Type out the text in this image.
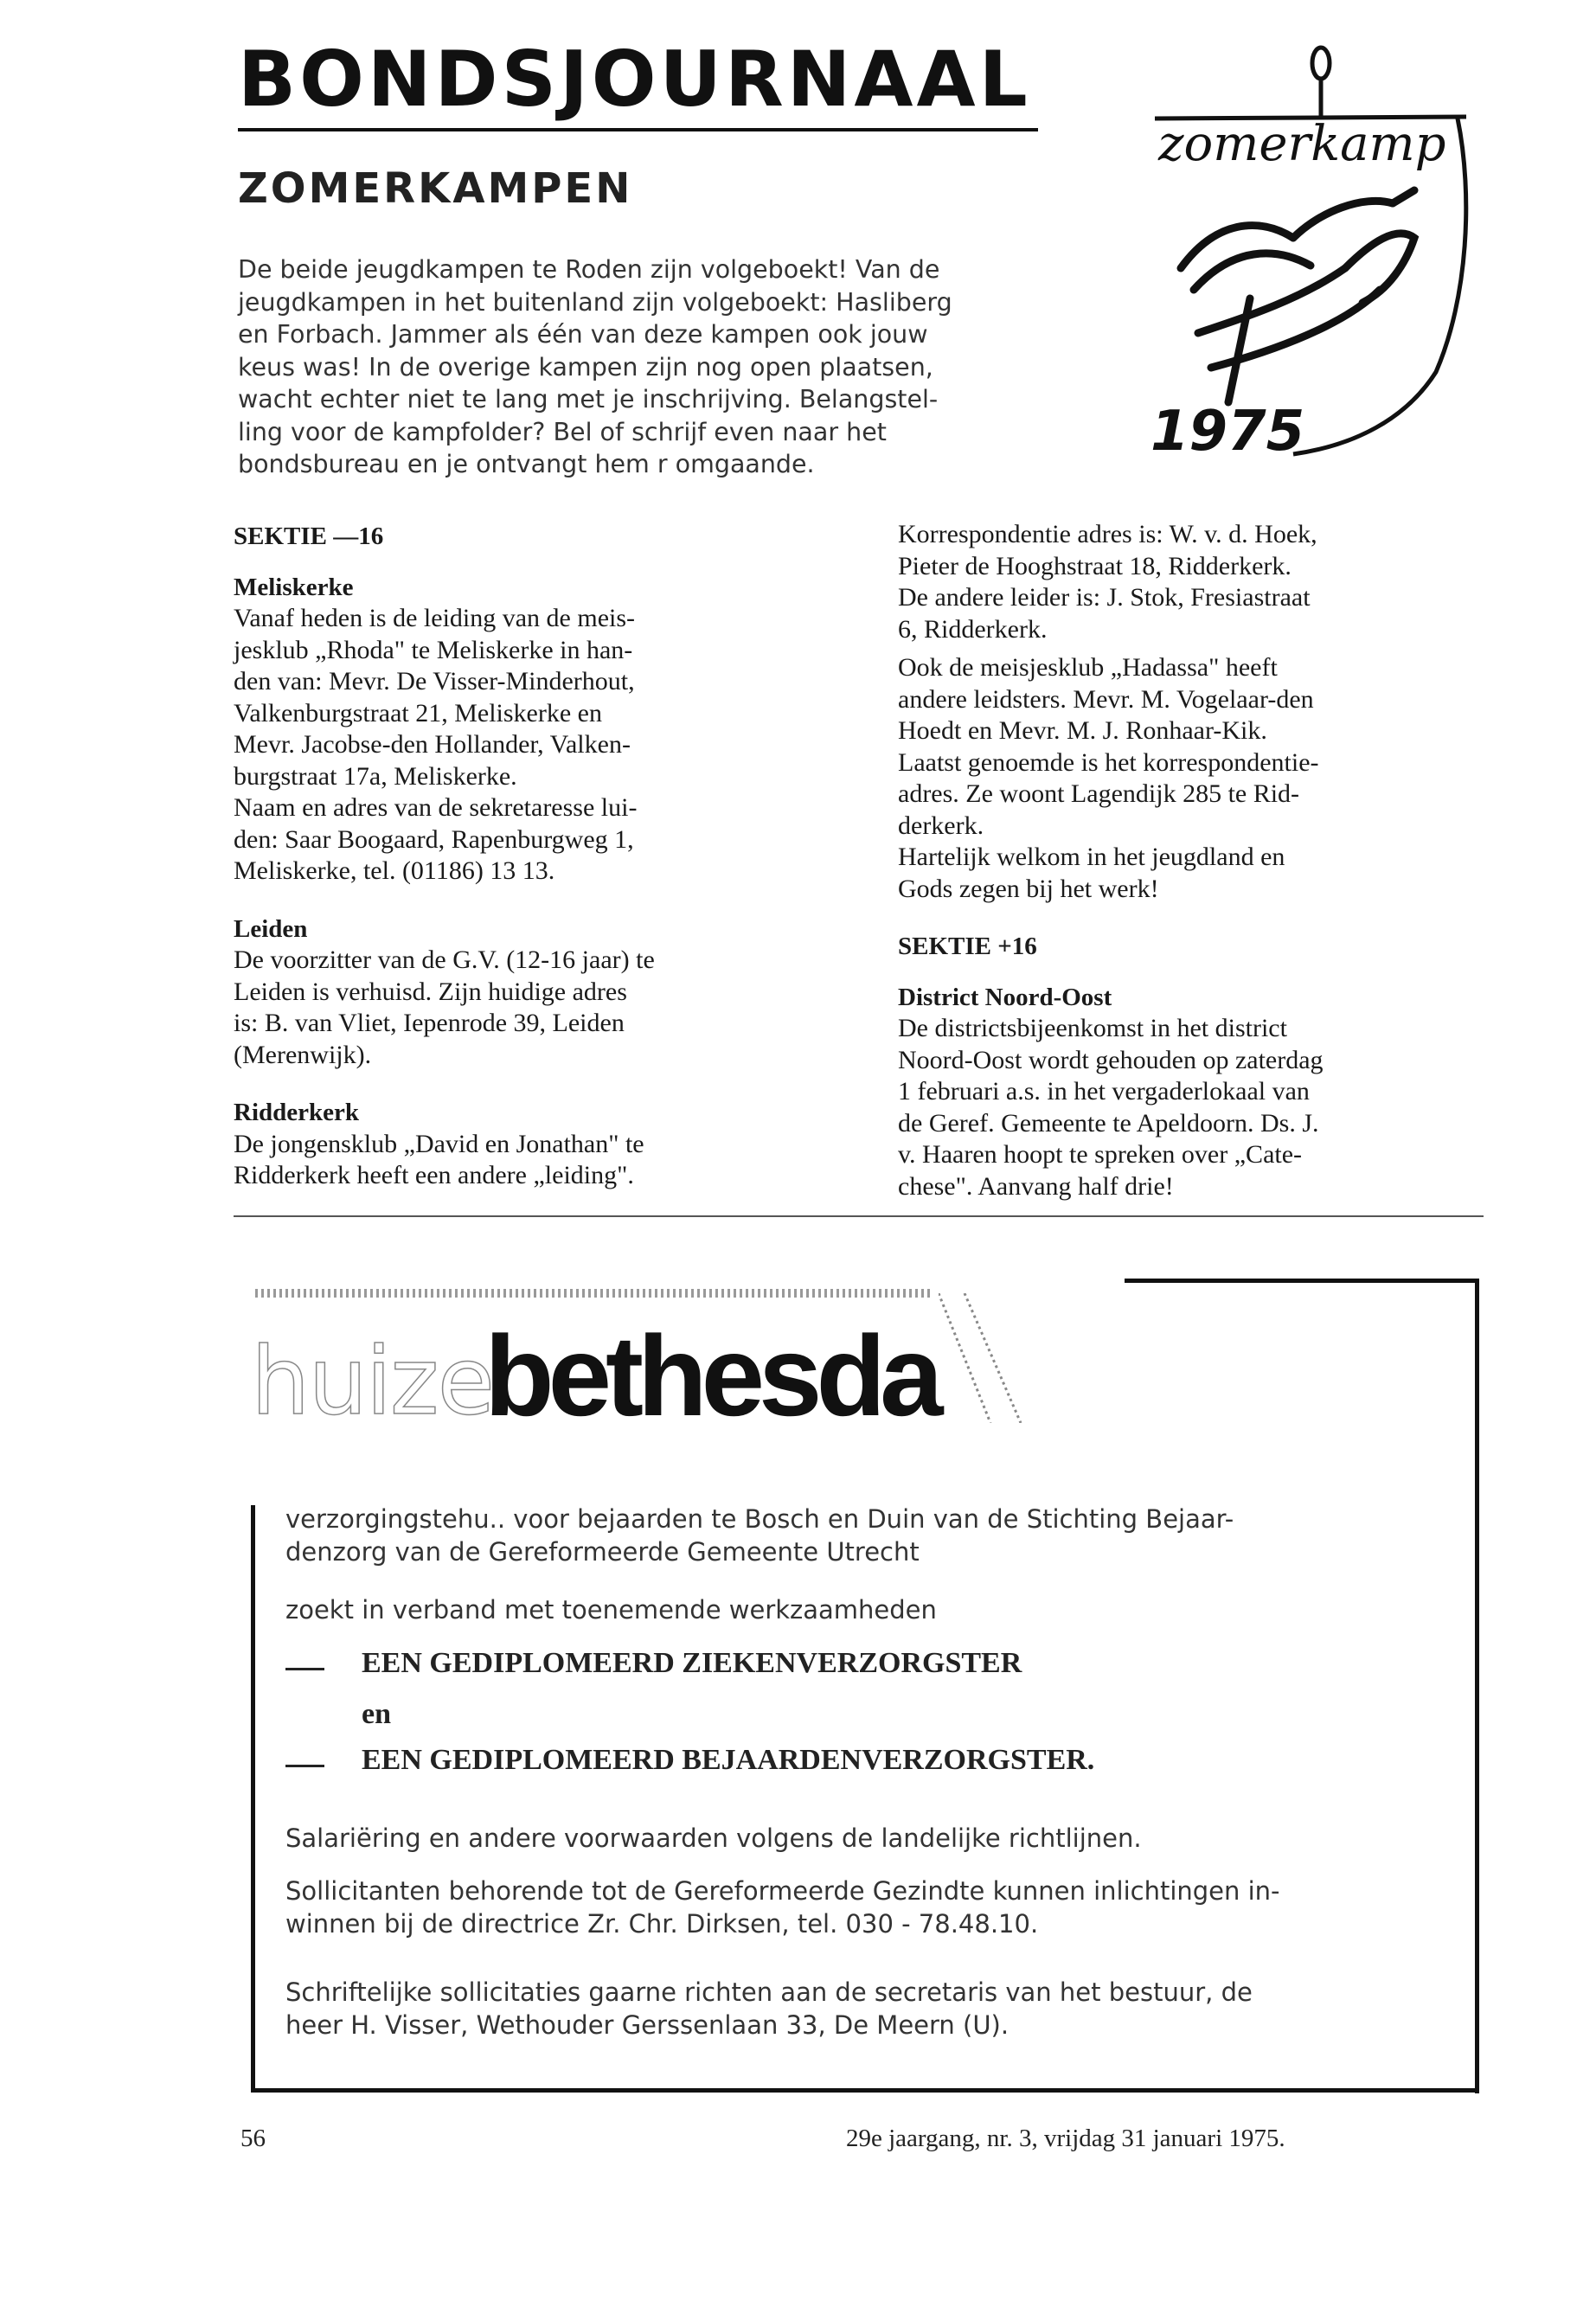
BONDSJOURNAAL
ZOMERKAMPEN
De beide jeugdkampen te Roden zijn volgeboekt! Van de
jeugdkampen in het buitenland zijn volgeboekt: Hasliberg
en Forbach. Jammer als één van deze kampen ook jouw
keus was! In de overige kampen zijn nog open plaatsen,
wacht echter niet te lang met je inschrijving. Belangstel-
ling voor de kampfolder? Bel of schrijf even naar het
bondsbureau en je ontvangt hem r omgaande.
zomerkamp
1975

SEKTIE —16

Meliskerke

Vanaf heden is de leiding van de meis-
jesklub „Rhoda" te Meliskerke in han-
den van: Mevr. De Visser-Minderhout,
Valkenburgstraat 21, Meliskerke en
Mevr. Jacobse-den Hollander, Valken-
burgstraat 17a, Meliskerke.
Naam en adres van de sekretaresse lui-
den: Saar Boogaard, Rapenburgweg 1,
Meliskerke, tel. (01186) 13 13.

Leiden

De voorzitter van de G.V. (12-16 jaar) te
Leiden is verhuisd. Zijn huidige adres
is: B. van Vliet, Iepenrode 39, Leiden
(Merenwijk).

Ridderkerk

De jongensklub „David en Jonathan" te
Ridderkerk heeft een andere „leiding".
Korrespondentie adres is: W. v. d. Hoek,
Pieter de Hooghstraat 18, Ridderkerk.
De andere leider is: J. Stok, Fresiastraat
6, Ridderkerk.
Ook de meisjesklub „Hadassa" heeft
andere leidsters. Mevr. M. Vogelaar-den
Hoedt en Mevr. M. J. Ronhaar-Kik.
Laatst genoemde is het korrespondentie-
adres. Ze woont Lagendijk 285 te Rid-
derkerk.
Hartelijk welkom in het jeugdland en
Gods zegen bij het werk!

SEKTIE +16

District Noord-Oost

De districtsbijeenkomst in het district
Noord-Oost wordt gehouden op zaterdag
1 februari a.s. in het vergaderlokaal van
de Geref. Gemeente te Apeldoorn. Ds. J.
v. Haaren hoopt te spreken over „Cate-
chese". Aanvang half drie!
huize
bethesda
verzorgingstehu.. voor bejaarden te Bosch en Duin van de Stichting Bejaar-
denzorg van de Gereformeerde Gemeente Utrecht
zoekt in verband met toenemende werkzaamheden
EEN GEDIPLOMEERD ZIEKENVERZORGSTER
en
EEN GEDIPLOMEERD BEJAARDENVERZORGSTER.
Salariëring en andere voorwaarden volgens de landelijke richtlijnen.
Sollicitanten behorende tot de Gereformeerde Gezindte kunnen inlichtingen in-
winnen bij de directrice Zr. Chr. Dirksen, tel. 030 - 78.48.10.
Schriftelijke sollicitaties gaarne richten aan de secretaris van het bestuur, de
heer H. Visser, Wethouder Gerssenlaan 33, De Meern (U).
56	29e jaargang, nr. 3, vrijdag 31 januari 1975.
